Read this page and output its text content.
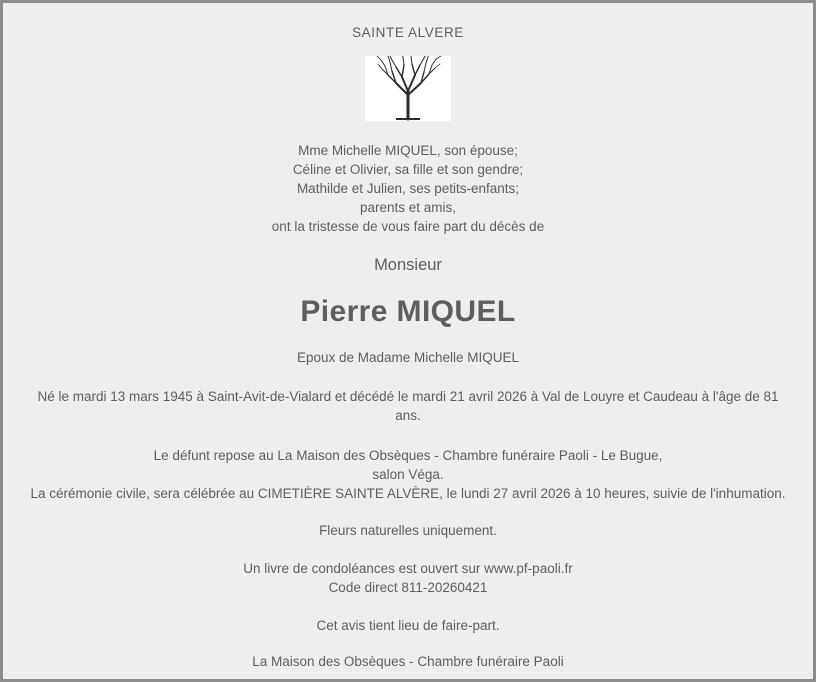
SAINTE ALVERE
Mme Michelle MIQUEL, son épouse;
Céline et Olivier, sa fille et son gendre;
Mathilde et Julien, ses petits-enfants;
parents et amis,
ont la tristesse de vous faire part du décès de
Monsieur
Pierre MIQUEL
Epoux de Madame Michelle MIQUEL
Né le mardi 13 mars 1945 à Saint-Avit-de-Vialard et décédé le mardi 21 avril 2026 à Val de Louyre et Caudeau à l'âge de 81 ans.
Le défunt repose au La Maison des Obsèques - Chambre funéraire Paoli - Le Bugue,
salon Véga.
La cérémonie civile, sera célébrée au CIMETIÈRE SAINTE ALVÈRE, le lundi 27 avril 2026 à 10 heures, suivie de l'inhumation.
Fleurs naturelles uniquement.
Un livre de condoléances est ouvert sur www.pf-paoli.fr
Code direct 811-20260421
Cet avis tient lieu de faire-part.
La Maison des Obsèques - Chambre funéraire Paoli
